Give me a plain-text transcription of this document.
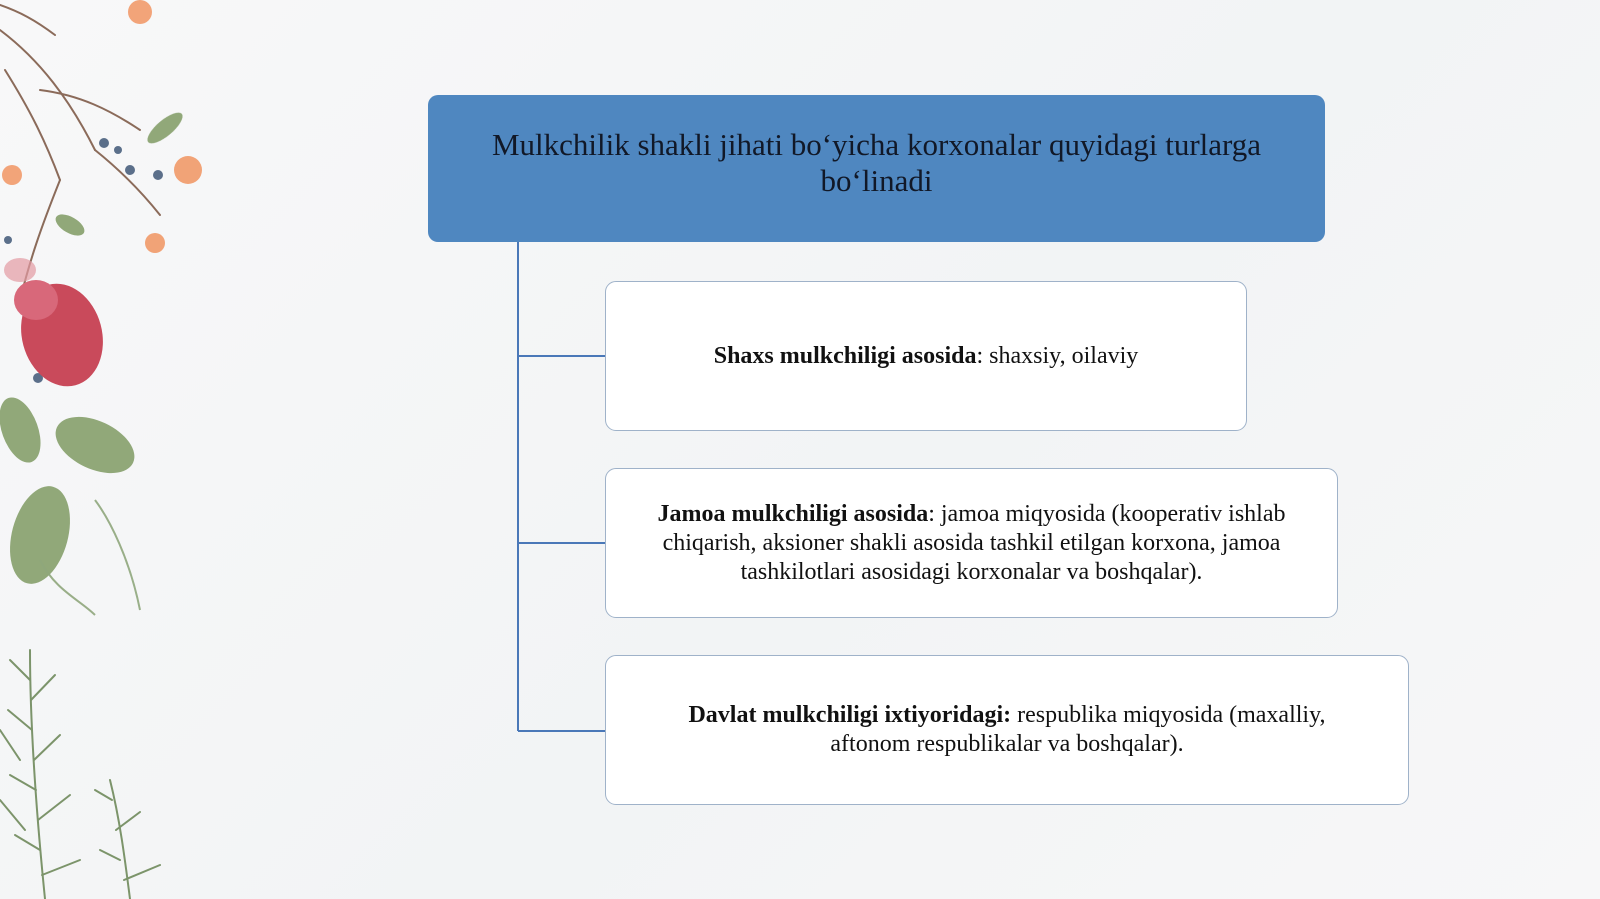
Mulkchilik shakli jihati bo‘yicha korxonalar quyidagi turlarga bo‘linadi
Shaxs mulkchiligi asosida: shaxsiy, oilaviy
Jamoa mulkchiligi asosida: jamoa miqyosida (kooperativ ishlab chiqarish, aksioner shakli asosida tashkil etilgan korxona, jamoa tashkilotlari asosidagi korxonalar va boshqalar).
Davlat mulkchiligi ixtiyoridagi: respublika miqyosida (maxalliy, aftonom respublikalar va boshqalar).
